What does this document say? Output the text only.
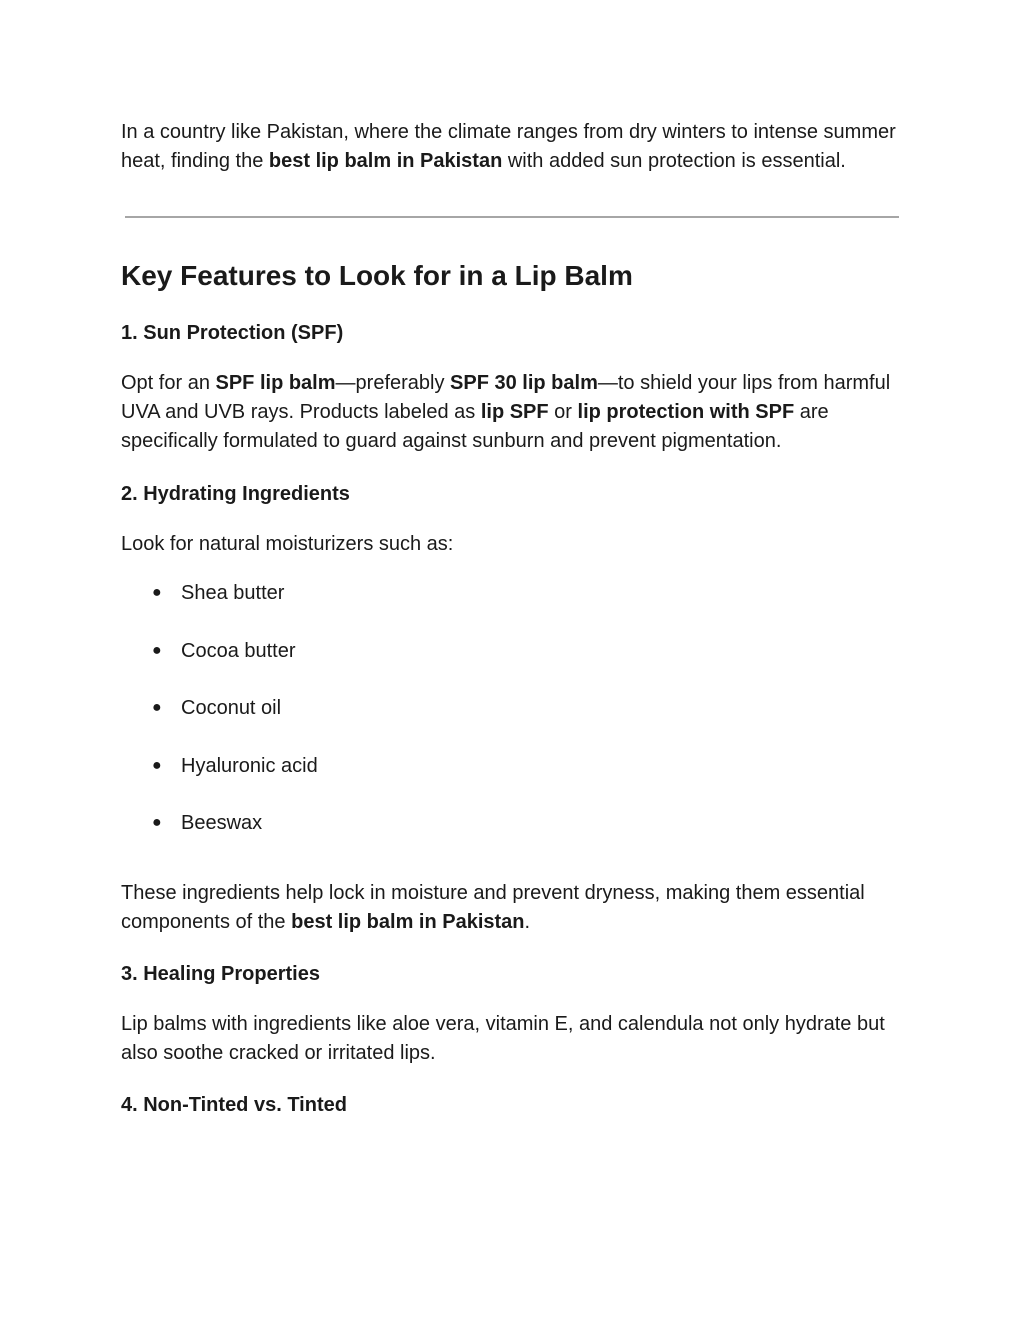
In a country like Pakistan, where the climate ranges from dry winters to intense summer heat, finding the best lip balm in Pakistan with added sun protection is essential.

Key Features to Look for in a Lip Balm
1. Sun Protection (SPF)

Opt for an SPF lip balm—preferably SPF 30 lip balm—to shield your lips from harmful UVA and UVB rays. Products labeled as lip SPF or lip protection with SPF are specifically formulated to guard against sunburn and prevent pigmentation.

2. Hydrating Ingredients

Look for natural moisturizers such as:

● Shea butter
● Cocoa butter
● Coconut oil
● Hyaluronic acid
● Beeswax

These ingredients help lock in moisture and prevent dryness, making them essential components of the best lip balm in Pakistan.

3. Healing Properties

Lip balms with ingredients like aloe vera, vitamin E, and calendula not only hydrate but also soothe cracked or irritated lips.

4. Non-Tinted vs. Tinted
